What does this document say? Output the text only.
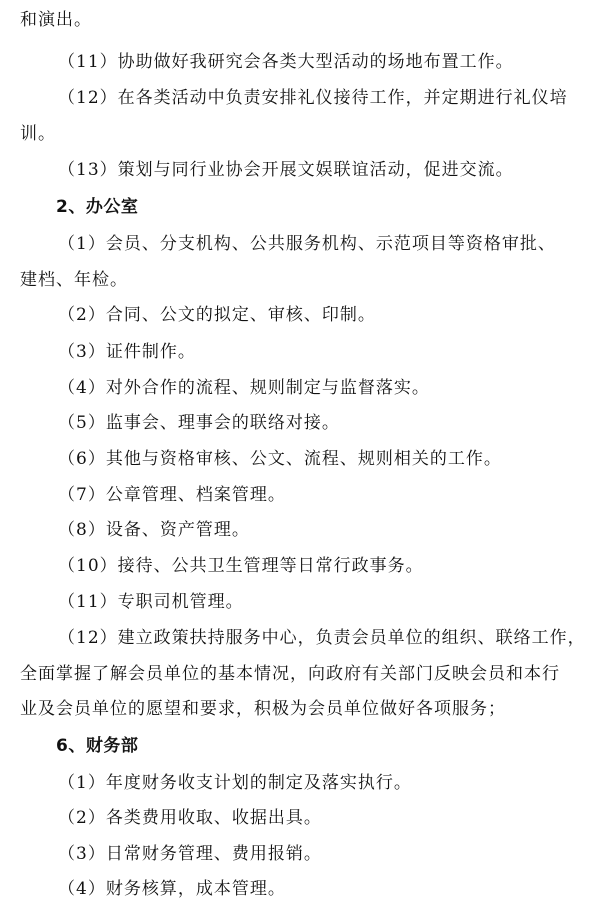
和演出。
（11）协助做好我研究会各类大型活动的场地布置工作。
（12）在各类活动中负责安排礼仪接待工作，并定期进行礼仪培
训。
（13）策划与同行业协会开展文娱联谊活动，促进交流。
2、办公室
（1）会员、分支机构、公共服务机构、示范项目等资格审批、
建档、年检。
（2）合同、公文的拟定、审核、印制。
（3）证件制作。
（4）对外合作的流程、规则制定与监督落实。
（5）监事会、理事会的联络对接。
（6）其他与资格审核、公文、流程、规则相关的工作。
（7）公章管理、档案管理。
（8）设备、资产管理。
（10）接待、公共卫生管理等日常行政事务。
（11）专职司机管理。
（12）建立政策扶持服务中心，负责会员单位的组织、联络工作，
全面掌握了解会员单位的基本情况，向政府有关部门反映会员和本行
业及会员单位的愿望和要求，积极为会员单位做好各项服务；
6、财务部
（1）年度财务收支计划的制定及落实执行。
（2）各类费用收取、收据出具。
（3）日常财务管理、费用报销。
（4）财务核算，成本管理。
